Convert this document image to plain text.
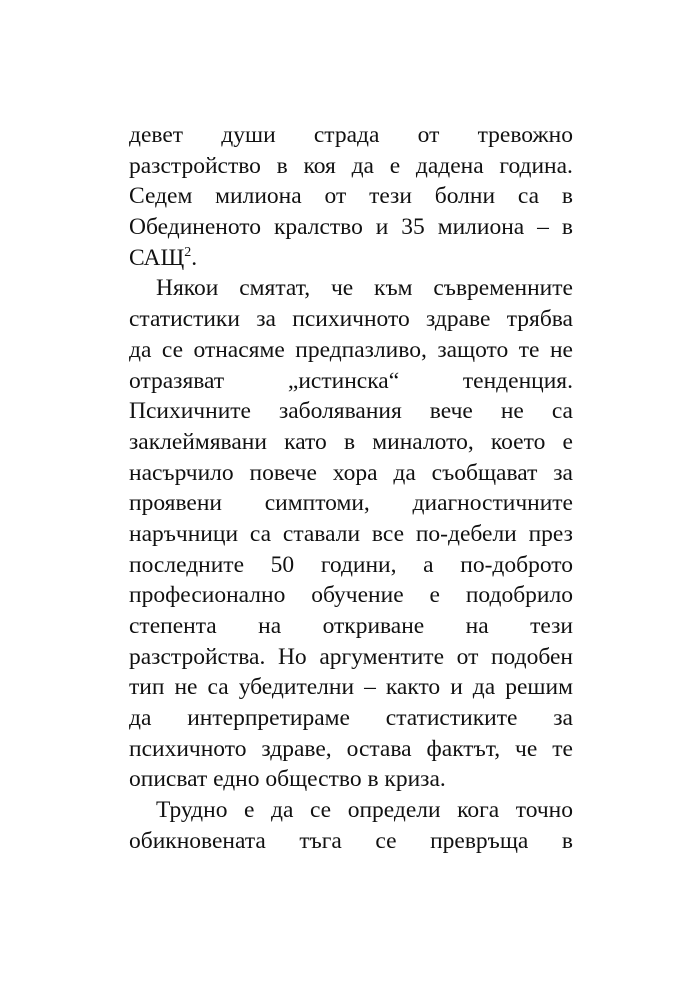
девет души страда от тревожно
разстройство в коя да е дадена година.
Седем милиона от тези болни са в
Обединеното кралство и 35 милиона – в
САЩ$^2$.
Някои смятат, че към съвременните
статистики за психичното здраве трябва
да се отнасяме предпазливо, защото те не
отразяват	„истинска“	тенденция.
Психичните заболявания вече не са
заклеймявани като в миналото, което е
насърчило повече хора да съобщават за
проявени симптоми, диагностичните
наръчници са ставали все по-дебели през
последните 50 години, а по-доброто
професионално обучение е подобрило
степента на откриване на тези
разстройства. Но аргументите от подобен
тип не са убедителни – както и да решим
да интерпретираме статистиките за
психичното здраве, остава фактът, че те
описват едно общество в криза.
Трудно е да се определи кога точно
обикновената тъга се превръща в
